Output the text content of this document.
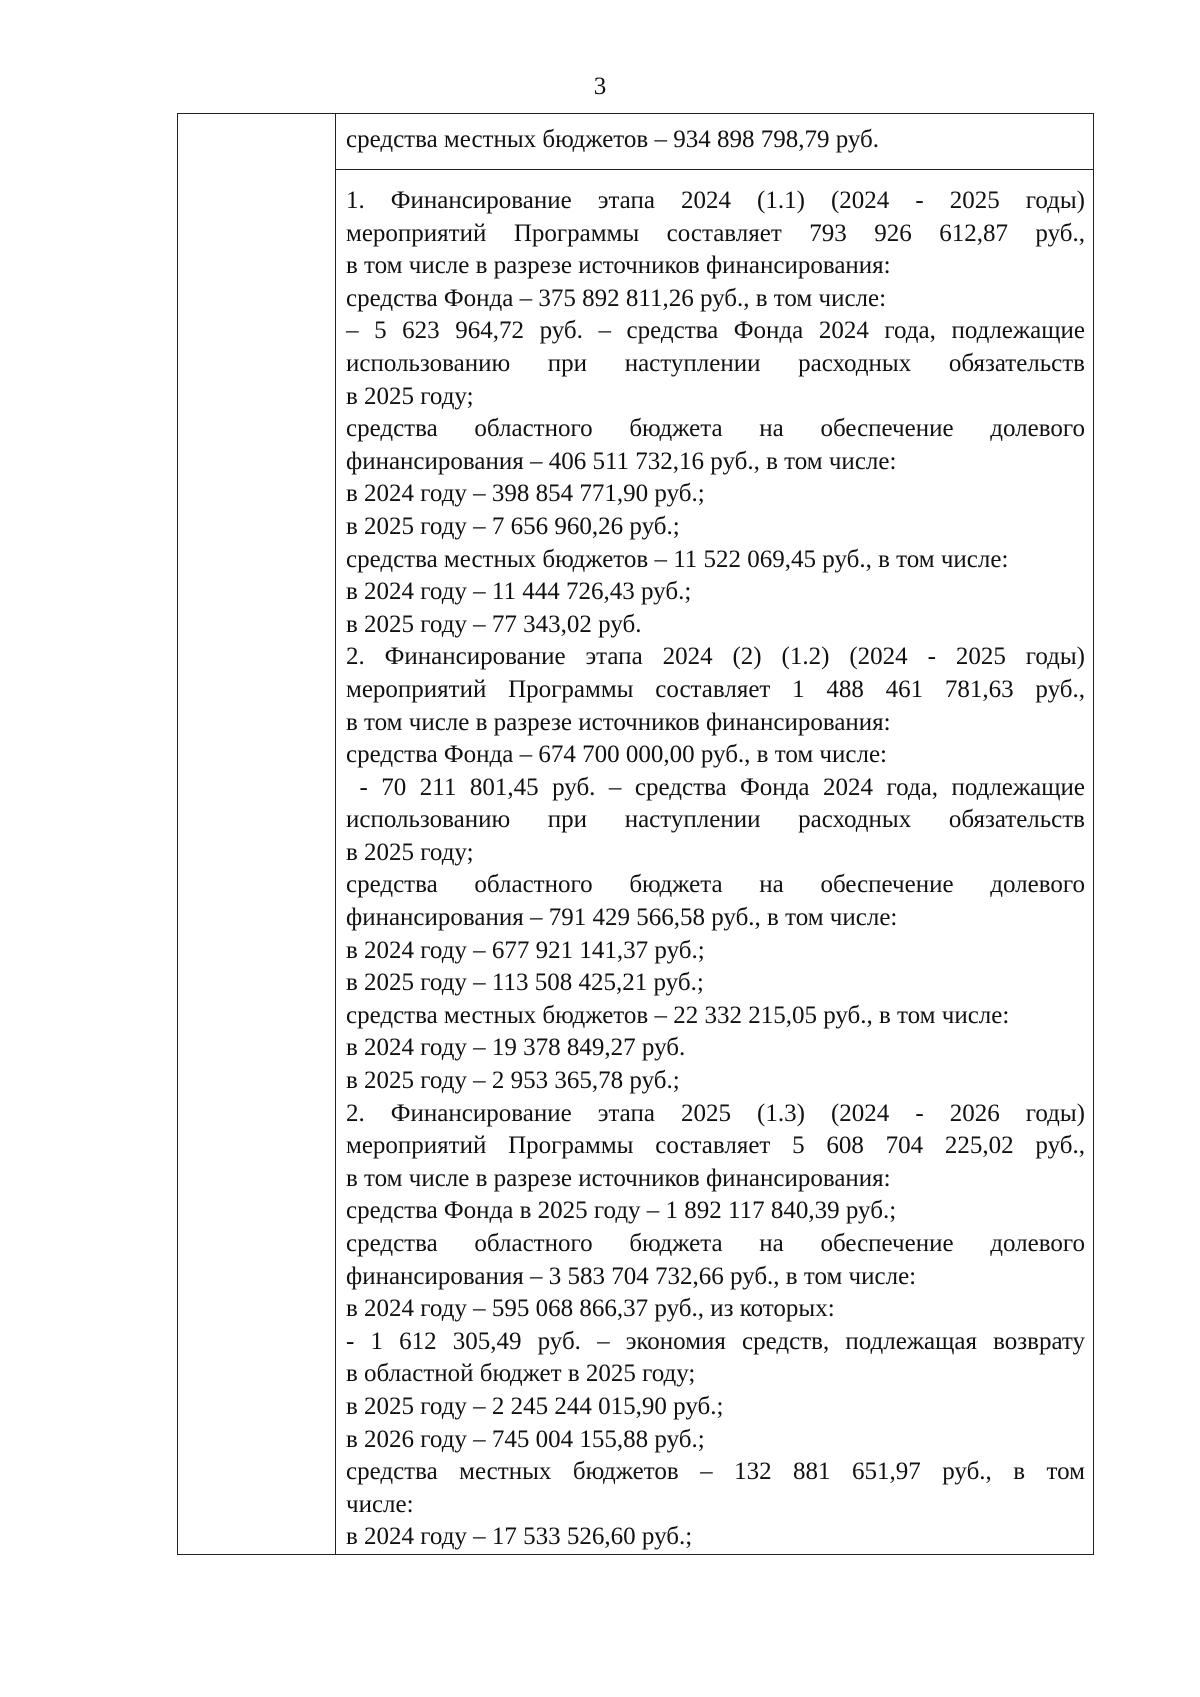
3
средства местных бюджетов – 934 898 798,79 руб.
1. Финансирование этапа 2024 (1.1) (2024 - 2025 годы)
мероприятий Программы составляет 793 926 612,87 руб.,
в том числе в разрезе источников финансирования:
средства Фонда – 375 892 811,26 руб., в том числе:
– 5 623 964,72 руб. – средства Фонда 2024 года, подлежащие
использованию при наступлении расходных обязательств
в 2025 году;
средства областного бюджета на обеспечение долевого
финансирования – 406 511 732,16 руб., в том числе:
в 2024 году – 398 854 771,90 руб.;
в 2025 году – 7 656 960,26 руб.;
средства местных бюджетов – 11 522 069,45 руб., в том числе:
в 2024 году – 11 444 726,43 руб.;
в 2025 году – 77 343,02 руб.
2. Финансирование этапа 2024 (2) (1.2) (2024 - 2025 годы)
мероприятий Программы составляет 1 488 461 781,63 руб.,
в том числе в разрезе источников финансирования:
средства Фонда – 674 700 000,00 руб., в том числе:
- 70 211 801,45 руб. – средства Фонда 2024 года, подлежащие
использованию при наступлении расходных обязательств
в 2025 году;
средства областного бюджета на обеспечение долевого
финансирования – 791 429 566,58 руб., в том числе:
в 2024 году – 677 921 141,37 руб.;
в 2025 году – 113 508 425,21 руб.;
средства местных бюджетов – 22 332 215,05 руб., в том числе:
в 2024 году – 19 378 849,27 руб.
в 2025 году – 2 953 365,78 руб.;
2. Финансирование этапа 2025 (1.3) (2024 - 2026 годы)
мероприятий Программы составляет 5 608 704 225,02 руб.,
в том числе в разрезе источников финансирования:
средства Фонда в 2025 году – 1 892 117 840,39 руб.;
средства областного бюджета на обеспечение долевого
финансирования – 3 583 704 732,66 руб., в том числе:
в 2024 году – 595 068 866,37 руб., из которых:
- 1 612 305,49 руб. – экономия средств, подлежащая возврату
в областной бюджет в 2025 году;
в 2025 году – 2 245 244 015,90 руб.;
в 2026 году – 745 004 155,88 руб.;
средства местных бюджетов – 132 881 651,97 руб., в том
числе:
в 2024 году – 17 533 526,60 руб.;
